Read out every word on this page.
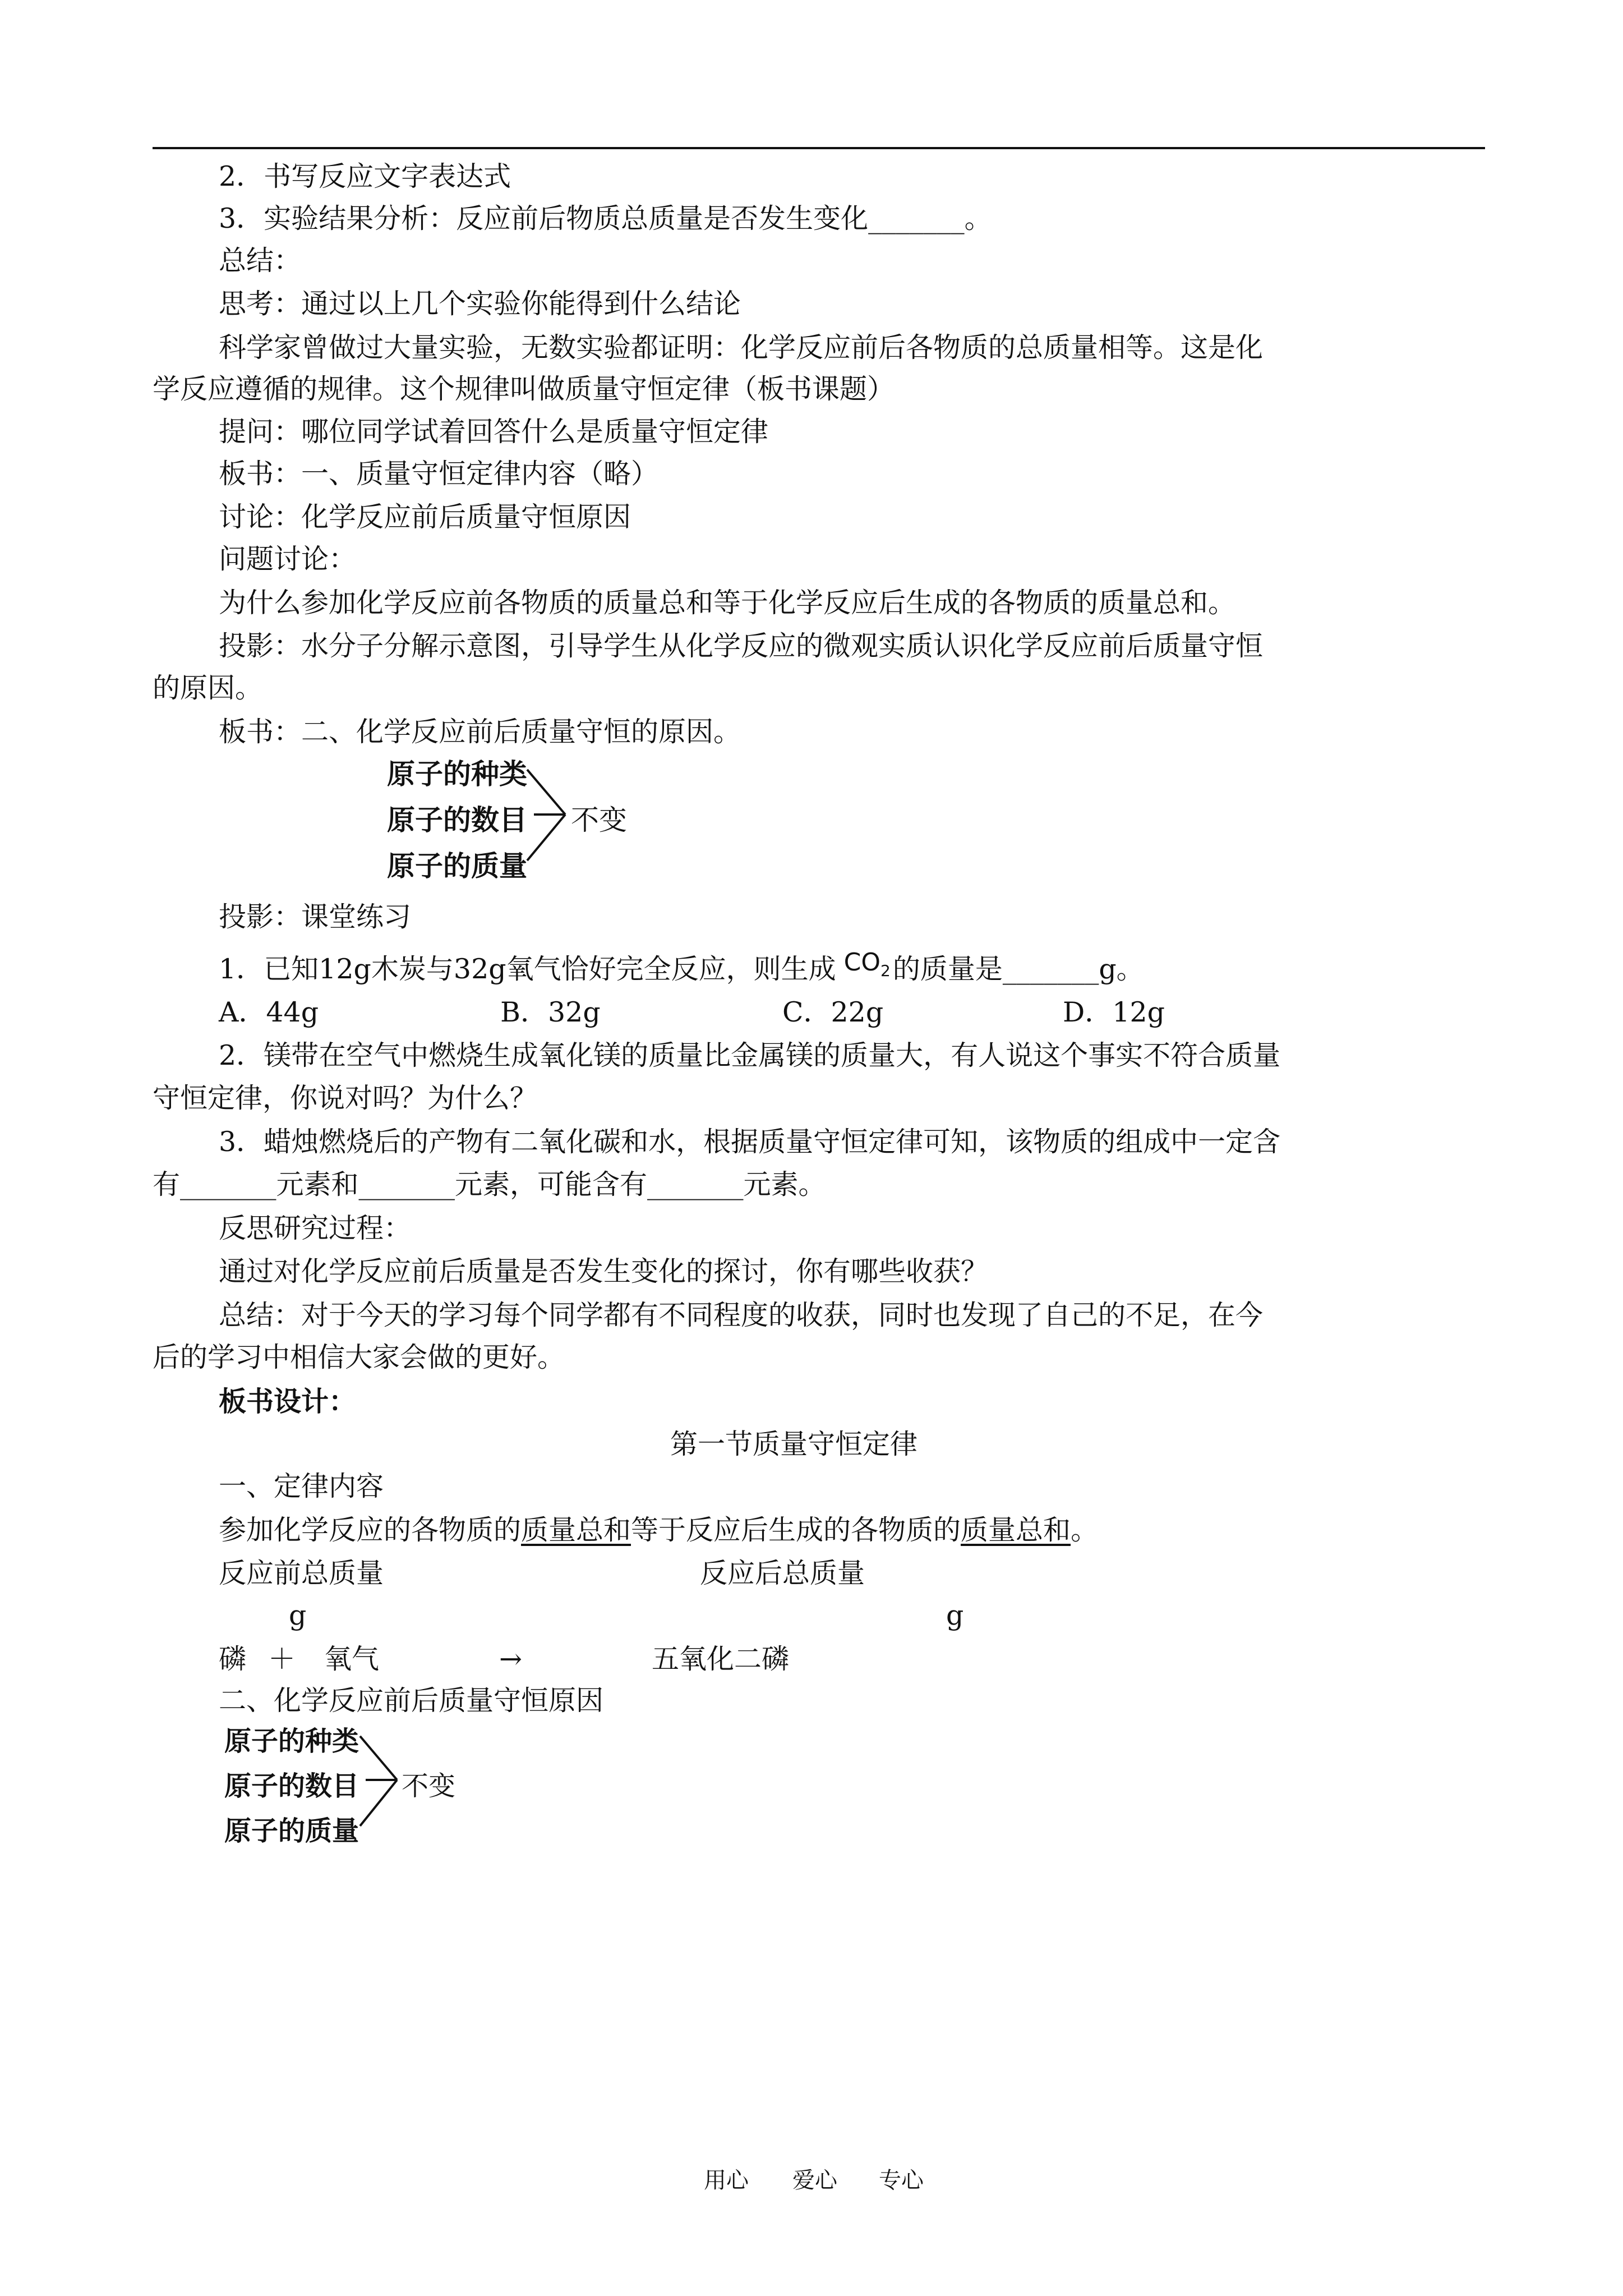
2．书写反应文字表达式
3．实验结果分析：反应前后物质总质量是否发生变化_______。
总结：
思考：通过以上几个实验你能得到什么结论
科学家曾做过大量实验，无数实验都证明：化学反应前后各物质的总质量相等。这是化
学反应遵循的规律。这个规律叫做质量守恒定律（板书课题）
提问：哪位同学试着回答什么是质量守恒定律
板书：一、质量守恒定律内容（略）
讨论：化学反应前后质量守恒原因
问题讨论：
为什么参加化学反应前各物质的质量总和等于化学反应后生成的各物质的质量总和。
投影：水分子分解示意图，引导学生从化学反应的微观实质认识化学反应前后质量守恒
的原因。
板书：二、化学反应前后质量守恒的原因。
原子的种类
原子的数目
原子的质量
不变
投影：课堂练习
1．已知12g木炭与32g氧气恰好完全反应，则生成 $CO_2$的质量是_______g。
A．44g	B．32g	C．22g	D．12g
2．镁带在空气中燃烧生成氧化镁的质量比金属镁的质量大，有人说这个事实不符合质量
守恒定律，你说对吗？为什么？
3．蜡烛燃烧后的产物有二氧化碳和水，根据质量守恒定律可知，该物质的组成中一定含
有_______元素和_______元素，可能含有_______元素。
反思研究过程：
通过对化学反应前后质量是否发生变化的探讨，你有哪些收获？
总结：对于今天的学习每个同学都有不同程度的收获，同时也发现了自己的不足，在今
后的学习中相信大家会做的更好。
板书设计：
第一节质量守恒定律
一、定律内容
参加化学反应的各物质的质量总和等于反应后生成的各物质的质量总和。
反应前总质量	反应后总质量
g	g
磷 ＋ 氧气	→	五氧化二磷
二、化学反应前后质量守恒原因
原子的种类
原子的数目
原子的质量
不变
用心 爱心 专心
